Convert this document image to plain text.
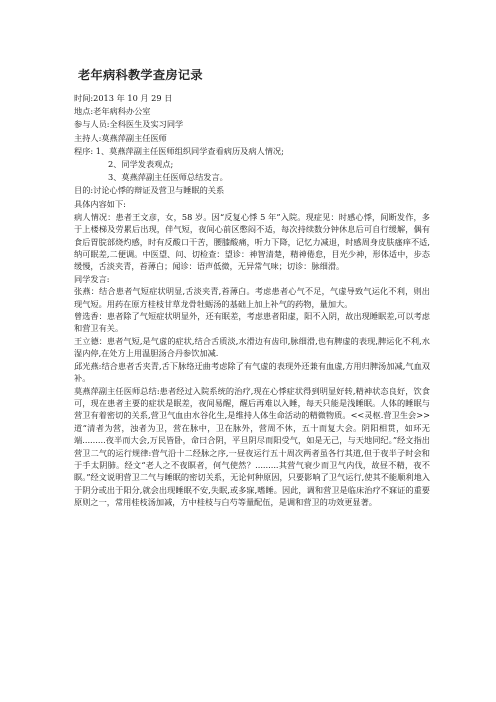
老年病科教学查房记录

时间:2013 年 10 月 29 日

地点:老年病科办公室

参与人员:全科医生及实习同学

主持人:莫燕萍副主任医师

程序: 1、莫燕萍副主任医师组织同学查看病历及病人情况;

2、同学发表观点;

3、莫燕萍副主任医师总结发言。

目的:讨论心悸的辩证及营卫与睡眠的关系

具体内容如下:

病人情况：患者王文彦，女，58 岁。因“反复心悸 5 年”入院。现症见：时感心悸，间断发作，多于上楼梯及劳累后出现，伴气短，夜间心前区憋闷不适，每次持续数分钟休息后可自行缓解，偶有食后胃脘部烧灼感，时有反酸口干苦，腰膝酸痛，听力下降，记忆力减退，时感周身皮肤瘙痒不适,纳可眠差,二便调。中医望、问、切检查：望诊：神智清楚，精神倦怠，目光少神，形体适中，步态缓慢，舌淡夹青，苔薄白；闻诊：语声低微，无异常气味；切诊：脉细滑。

同学发言:

张燕：结合患者气短症状明显,舌淡夹青,苔薄白。考虑患者心气不足，气虚导致气运化不利，则出现气短。用药在原方桂枝甘草龙骨牡蛎汤的基础上加上补气的药物，量加大。

曾选香：患者除了气短症状明显外，还有眠差，考虑患者阳虚，阳不入阴，故出现睡眠差,可以考虑和营卫有关。

王立德：患者气短,是气虚的症状,结合舌质淡,水滑边有齿印,脉细滑,也有脾虚的表现,脾运化不利,水湿内停,在处方上用温胆汤合丹参饮加减.

邱光燕:结合患者舌夹青,舌下脉络迂曲考虑除了有气虚的表现外还兼有血虚,方用归脾汤加减,气血双补。

莫燕萍副主任医师总结:患者经过入院系统的治疗,现在心悸症状得到明显好转,精神状态良好，饮食可，现在患者主要的症状是眠差，夜间易醒，醒后再难以入睡，每天只能是浅睡眠。人体的睡眠与营卫有着密切的关系,营卫气血由水谷化生,是维持人体生命活动的精微物质。<<灵枢.营卫生会>>道“清者为营，浊者为卫，营在脉中，卫在脉外，营周不休，五十而复大会。阴阳相贯，如环无端.........夜半而大会,万民皆卧，命曰合阴，平旦阴尽而阳受气，如是无己，与天地同纪。”经文指出营卫二气的运行规律:营气沿十二经脉之序,一昼夜运行五十周次两者虽各行其道,但于夜半子时会和于手太阴肺。经文“老人之不夜瞑者，何气使然？.........其营气衰少而卫气内伐，故昼不精，夜不瞑。”经文说明营卫二气与睡眠的密切关系，无论何种原因，只要影响了卫气运行,使其不能顺利地入于阴分或出于阳分,就会出现睡眠不安,失眠,或多寐,嗜睡。因此，调和营卫是临床治疗不寐证的重要原则之一，常用桂枝汤加减，方中桂枝与白芍等量配伍，是调和营卫的功效更显著。
